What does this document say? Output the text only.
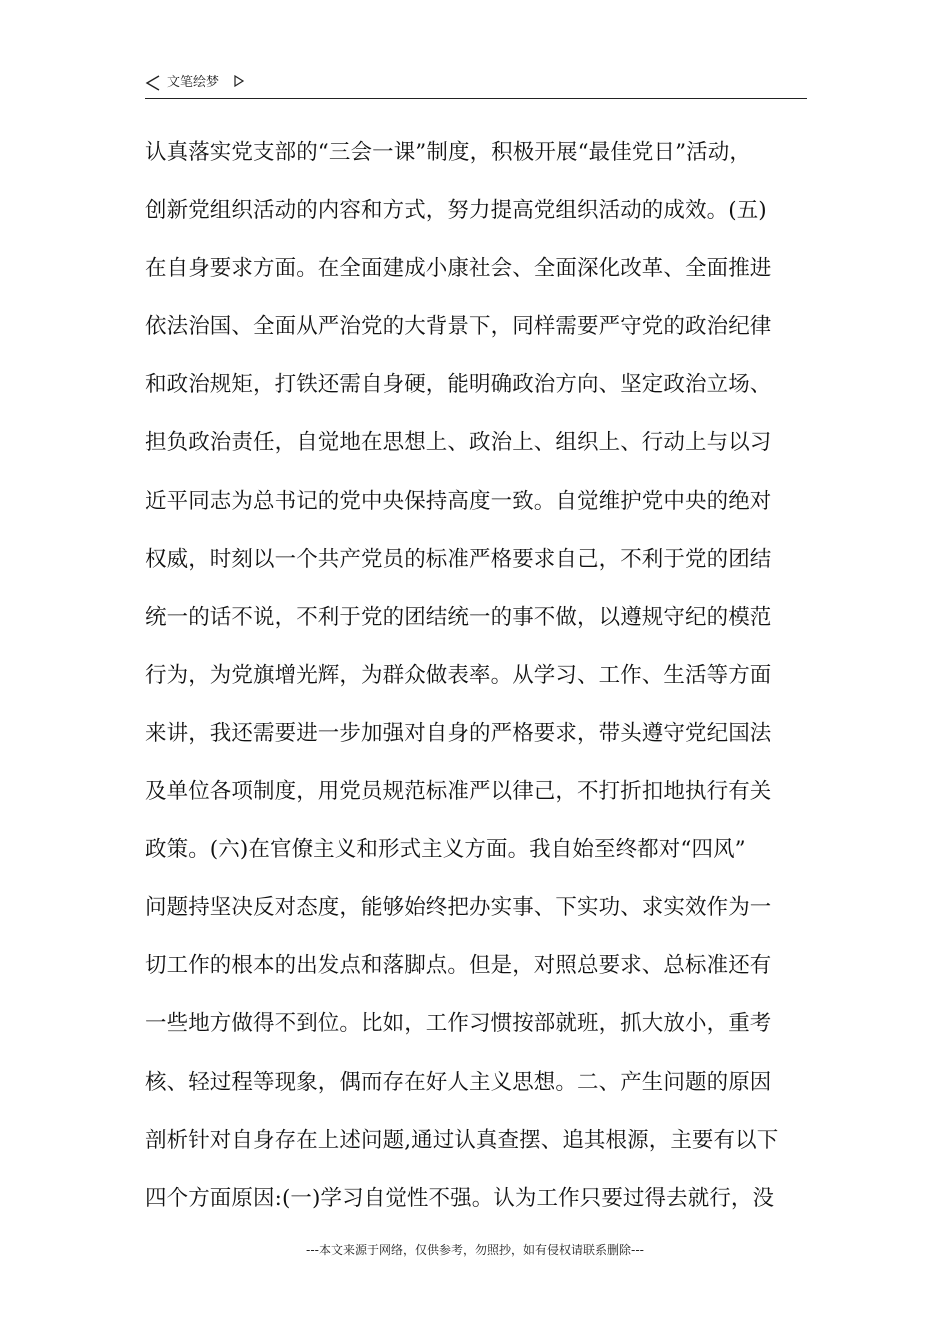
文笔绘梦
认真落实党支部的“三会一课”制度，积极开展“最佳党日”活动，
创新党组织活动的内容和方式，努力提高党组织活动的成效。(五)
在自身要求方面。在全面建成小康社会、全面深化改革、全面推进
依法治国、全面从严治党的大背景下，同样需要严守党的政治纪律
和政治规矩，打铁还需自身硬，能明确政治方向、坚定政治立场、
担负政治责任，自觉地在思想上、政治上、组织上、行动上与以习
近平同志为总书记的党中央保持高度一致。自觉维护党中央的绝对
权威，时刻以一个共产党员的标准严格要求自己，不利于党的团结
统一的话不说，不利于党的团结统一的事不做，以遵规守纪的模范
行为，为党旗增光辉，为群众做表率。从学习、工作、生活等方面
来讲，我还需要进一步加强对自身的严格要求，带头遵守党纪国法
及单位各项制度，用党员规范标准严以律己，不打折扣地执行有关
政策。(六)在官僚主义和形式主义方面。我自始至终都对“四风”
问题持坚决反对态度，能够始终把办实事、下实功、求实效作为一
切工作的根本的出发点和落脚点。但是，对照总要求、总标准还有
一些地方做得不到位。比如，工作习惯按部就班，抓大放小，重考
核、轻过程等现象，偶而存在好人主义思想。二、产生问题的原因
剖析针对自身存在上述问题,通过认真查摆、追其根源，主要有以下
四个方面原因:(一)学习自觉性不强。认为工作只要过得去就行，没
---本文来源于网络，仅供参考，勿照抄，如有侵权请联系删除---
